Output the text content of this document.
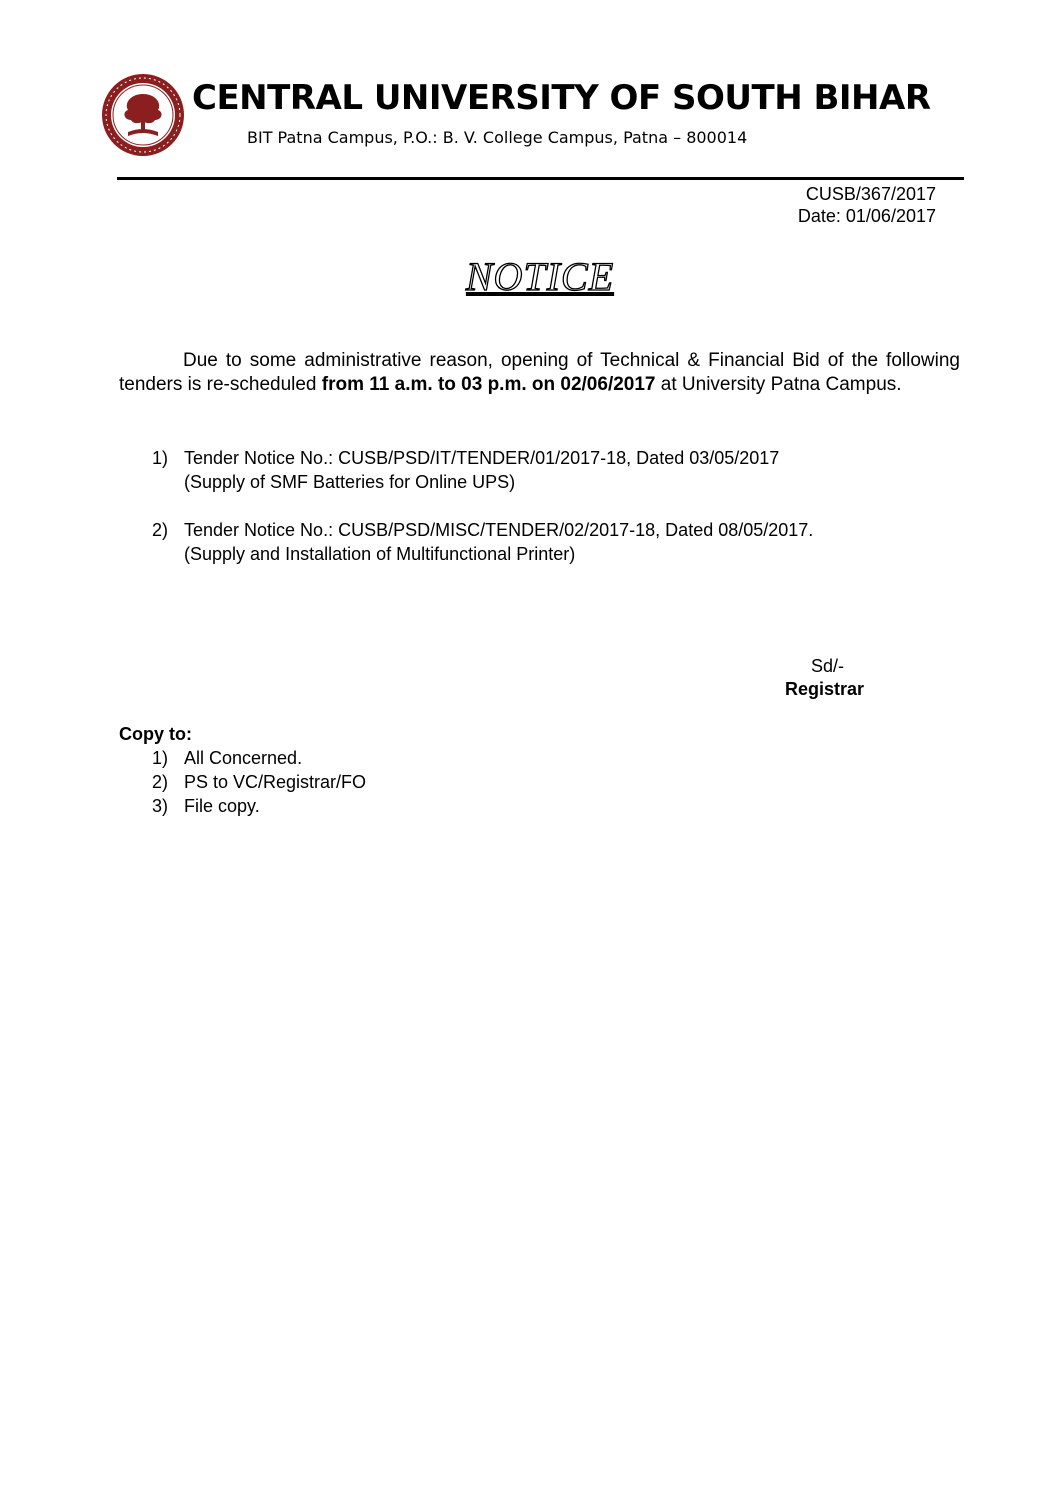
CENTRAL UNIVERSITY OF SOUTH BIHAR
BIT Patna Campus, P.O.: B. V. College Campus, Patna – 800014
CUSB/367/2017
Date: 01/06/2017
NOTICE
Due to some administrative reason, opening of Technical & Financial Bid of the following tenders is re-scheduled from 11 a.m. to 03 p.m. on 02/06/2017 at University Patna Campus.
1) Tender Notice No.: CUSB/PSD/IT/TENDER/01/2017-18, Dated 03/05/2017
(Supply of SMF Batteries for Online UPS)
2) Tender Notice No.: CUSB/PSD/MISC/TENDER/02/2017-18, Dated 08/05/2017.
(Supply and Installation of Multifunctional Printer)
Sd/-
Registrar
Copy to:
1) All Concerned.
2) PS to VC/Registrar/FO
3) File copy.
